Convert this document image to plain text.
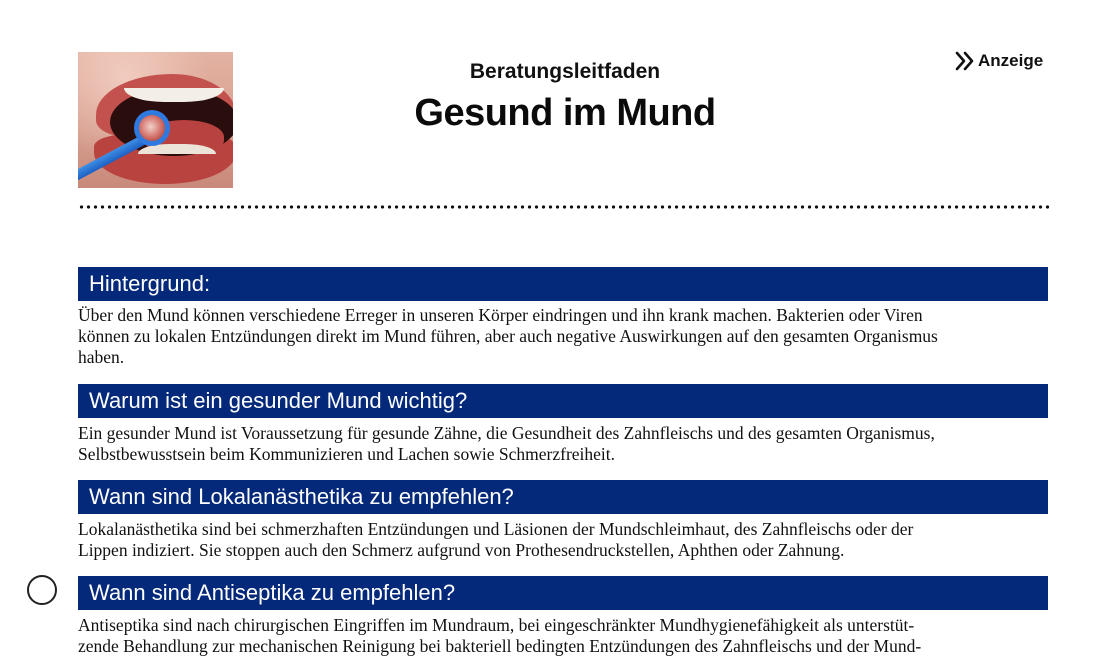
Beratungsleitfaden
Gesund im Mund
Anzeige
Hintergrund:
Über den Mund können verschiedene Erreger in unseren Körper eindringen und ihn krank machen. Bakterien oder Viren
können zu lokalen Entzündungen direkt im Mund führen, aber auch negative Auswirkungen auf den gesamten Organismus
haben.
Warum ist ein gesunder Mund wichtig?
Ein gesunder Mund ist Voraussetzung für gesunde Zähne, die Gesundheit des Zahnfleischs und des gesamten Organismus,
Selbstbewusstsein beim Kommunizieren und Lachen sowie Schmerzfreiheit.
Wann sind Lokalanästhetika zu empfehlen?
Lokalanästhetika sind bei schmerzhaften Entzündungen und Läsionen der Mundschleimhaut, des Zahnfleischs oder der
Lippen indiziert. Sie stoppen auch den Schmerz aufgrund von Prothesendruckstellen, Aphthen oder Zahnung.
Wann sind Antiseptika zu empfehlen?
Antiseptika sind nach chirurgischen Eingriffen im Mundraum, bei eingeschränkter Mundhygienefähigkeit als unterstüt-
zende Behandlung zur mechanischen Reinigung bei bakteriell bedingten Entzündungen des Zahnfleischs und der Mund-
